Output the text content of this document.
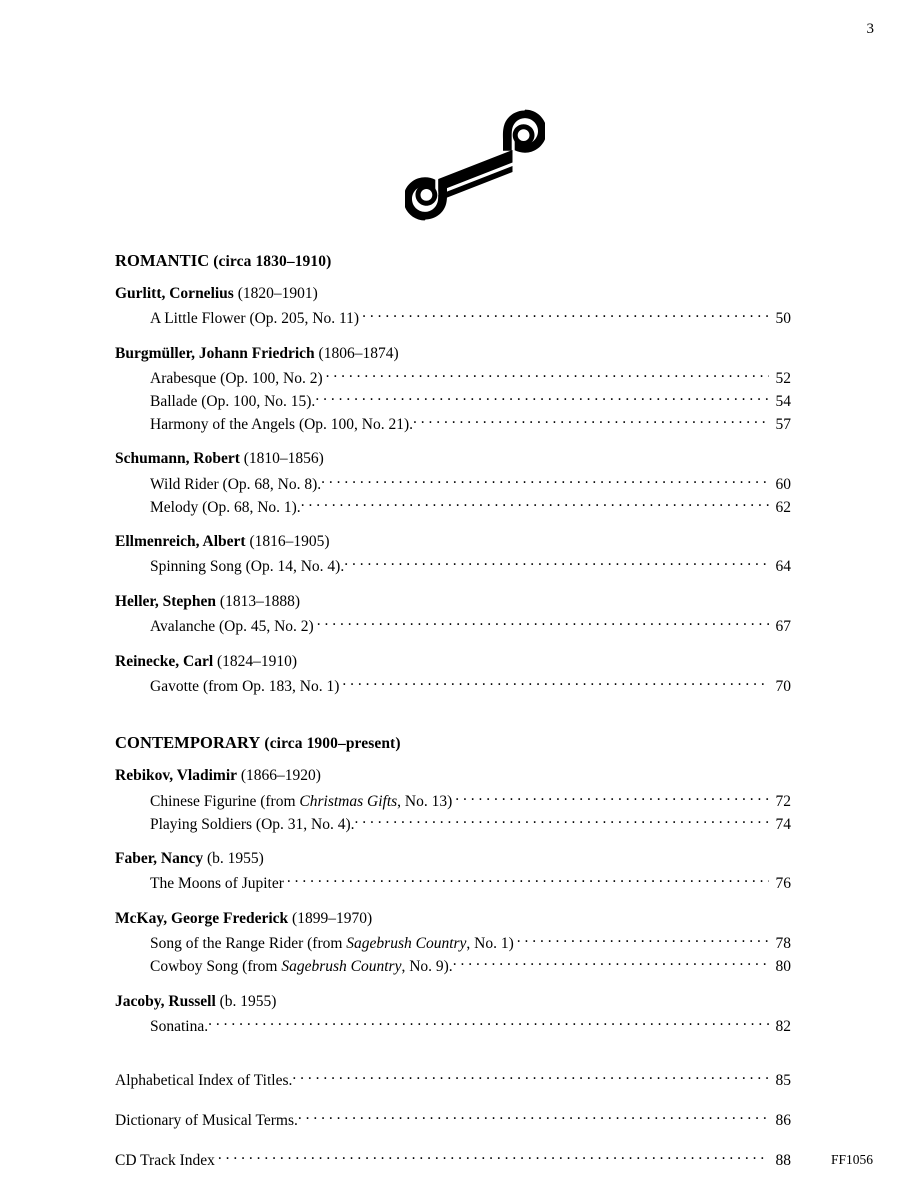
3
ROMANTIC (circa 1830–1910)
Gurlitt, Cornelius (1820–1901)
A Little Flower (Op. 205, No. 11) . . .	50
Burgmüller, Johann Friedrich (1806–1874)
Arabesque (Op. 100, No. 2) . . .	52
Ballade (Op. 100, No. 15). . . .	54
Harmony of the Angels (Op. 100, No. 21). . . .	57
Schumann, Robert (1810–1856)
Wild Rider (Op. 68, No. 8). . . .	60
Melody (Op. 68, No. 1). . . .	62
Ellmenreich, Albert (1816–1905)
Spinning Song (Op. 14, No. 4). . . .	64
Heller, Stephen (1813–1888)
Avalanche (Op. 45, No. 2) . . .	67
Reinecke, Carl (1824–1910)
Gavotte (from Op. 183, No. 1) . . .	70
CONTEMPORARY (circa 1900–present)
Rebikov, Vladimir (1866–1920)
Chinese Figurine (from Christmas Gifts, No. 13) . . .	72
Playing Soldiers (Op. 31, No. 4). . . .	74
Faber, Nancy (b. 1955)
The Moons of Jupiter . . .	76
McKay, George Frederick (1899–1970)
Song of the Range Rider (from Sagebrush Country, No. 1) . . .	78
Cowboy Song (from Sagebrush Country, No. 9). . . .	80
Jacoby, Russell (b. 1955)
Sonatina. . . .	82
Alphabetical Index of Titles. . . .	85
Dictionary of Musical Terms. . . .	86
CD Track Index . . .	88	FF1056
